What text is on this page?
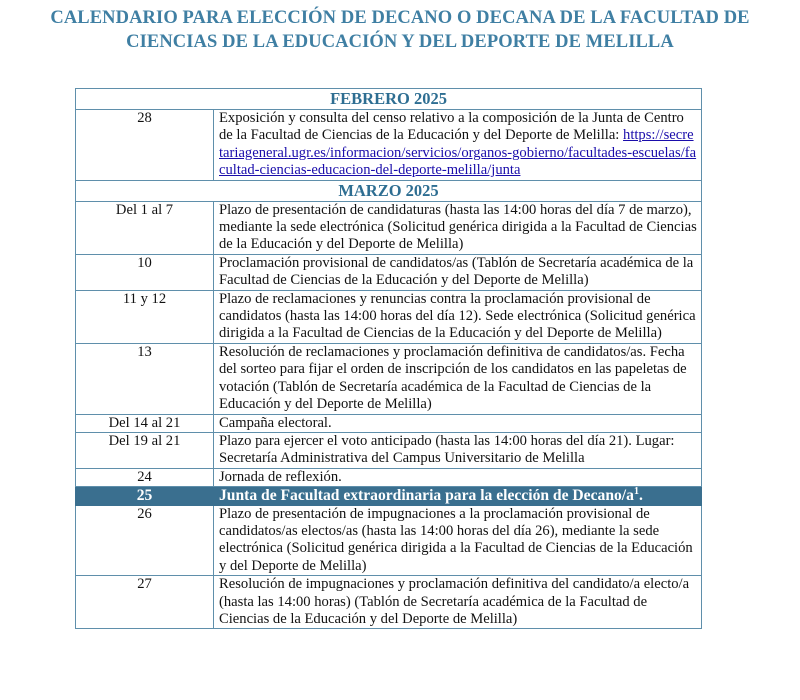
CALENDARIO PARA ELECCIÓN DE DECANO O DECANA DE LA FACULTAD DE
CIENCIAS DE LA EDUCACIÓN Y DEL DEPORTE DE MELILLA
FEBRERO 2025	
28	Exposición y consulta del censo relativo a la composición de la Junta de Centro de la Facultad de Ciencias de la Educación y del Deporte de Melilla: https://secretariageneral.ugr.es/informacion/servicios/organos-gobierno/facultades-escuelas/facultad-ciencias-educacion-del-deporte-melilla/junta
MARZO 2025	
Del 1 al 7	Plazo de presentación de candidaturas (hasta las 14:00 horas del día 7 de marzo), mediante la sede electrónica (Solicitud genérica dirigida a la Facultad de Ciencias de la Educación y del Deporte de Melilla)
10	Proclamación provisional de candidatos/as (Tablón de Secretaría académica de la Facultad de Ciencias de la Educación y del Deporte de Melilla)
11 y 12	Plazo de reclamaciones y renuncias contra la proclamación provisional de candidatos (hasta las 14:00 horas del día 12). Sede electrónica (Solicitud genérica dirigida a la Facultad de Ciencias de la Educación y del Deporte de Melilla)
13	Resolución de reclamaciones y proclamación definitiva de candidatos/as. Fecha del sorteo para fijar el orden de inscripción de los candidatos en las papeletas de votación (Tablón de Secretaría académica de la Facultad de Ciencias de la Educación y del Deporte de Melilla)
Del 14 al 21	Campaña electoral.
Del 19 al 21	Plazo para ejercer el voto anticipado (hasta las 14:00 horas del día 21). Lugar: Secretaría Administrativa del Campus Universitario de Melilla
24	Jornada de reflexión.
25	Junta de Facultad extraordinaria para la elección de Decano/$a^1$.
26	Plazo de presentación de impugnaciones a la proclamación provisional de candidatos/as electos/as (hasta las 14:00 horas del día 26), mediante la sede electrónica (Solicitud genérica dirigida a la Facultad de Ciencias de la Educación y del Deporte de Melilla)
27	Resolución de impugnaciones y proclamación definitiva del candidato/a electo/a (hasta las 14:00 horas) (Tablón de Secretaría académica de la Facultad de Ciencias de la Educación y del Deporte de Melilla)
